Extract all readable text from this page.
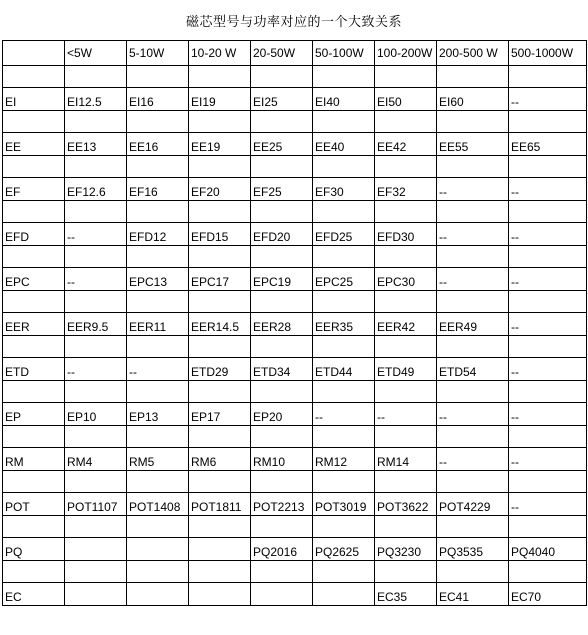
磁芯型号与功率对应的一个大致关系
	<5W	5-10W	10-20 W	20-50W	50-100W	100-200W	200-500 W	500-1000W

EI	EI12.5	EI16	EI19	EI25	EI40	EI50	EI60	--

EE	EE13	EE16	EE19	EE25	EE40	EE42	EE55	EE65

EF	EF12.6	EF16	EF20	EF25	EF30	EF32	--	--

EFD	--	EFD12	EFD15	EFD20	EFD25	EFD30	--	--

EPC	--	EPC13	EPC17	EPC19	EPC25	EPC30	--	--

EER	EER9.5	EER11	EER14.5	EER28	EER35	EER42	EER49	--

ETD	--	--	ETD29	ETD34	ETD44	ETD49	ETD54	--

EP	EP10	EP13	EP17	EP20	--	--	--	--

RM	RM4	RM5	RM6	RM10	RM12	RM14	--	--

POT	POT1107	POT1408	POT1811	POT2213	POT3019	POT3622	POT4229	--

PQ				PQ2016	PQ2625	PQ3230	PQ3535	PQ4040

EC						EC35	EC41	EC70
